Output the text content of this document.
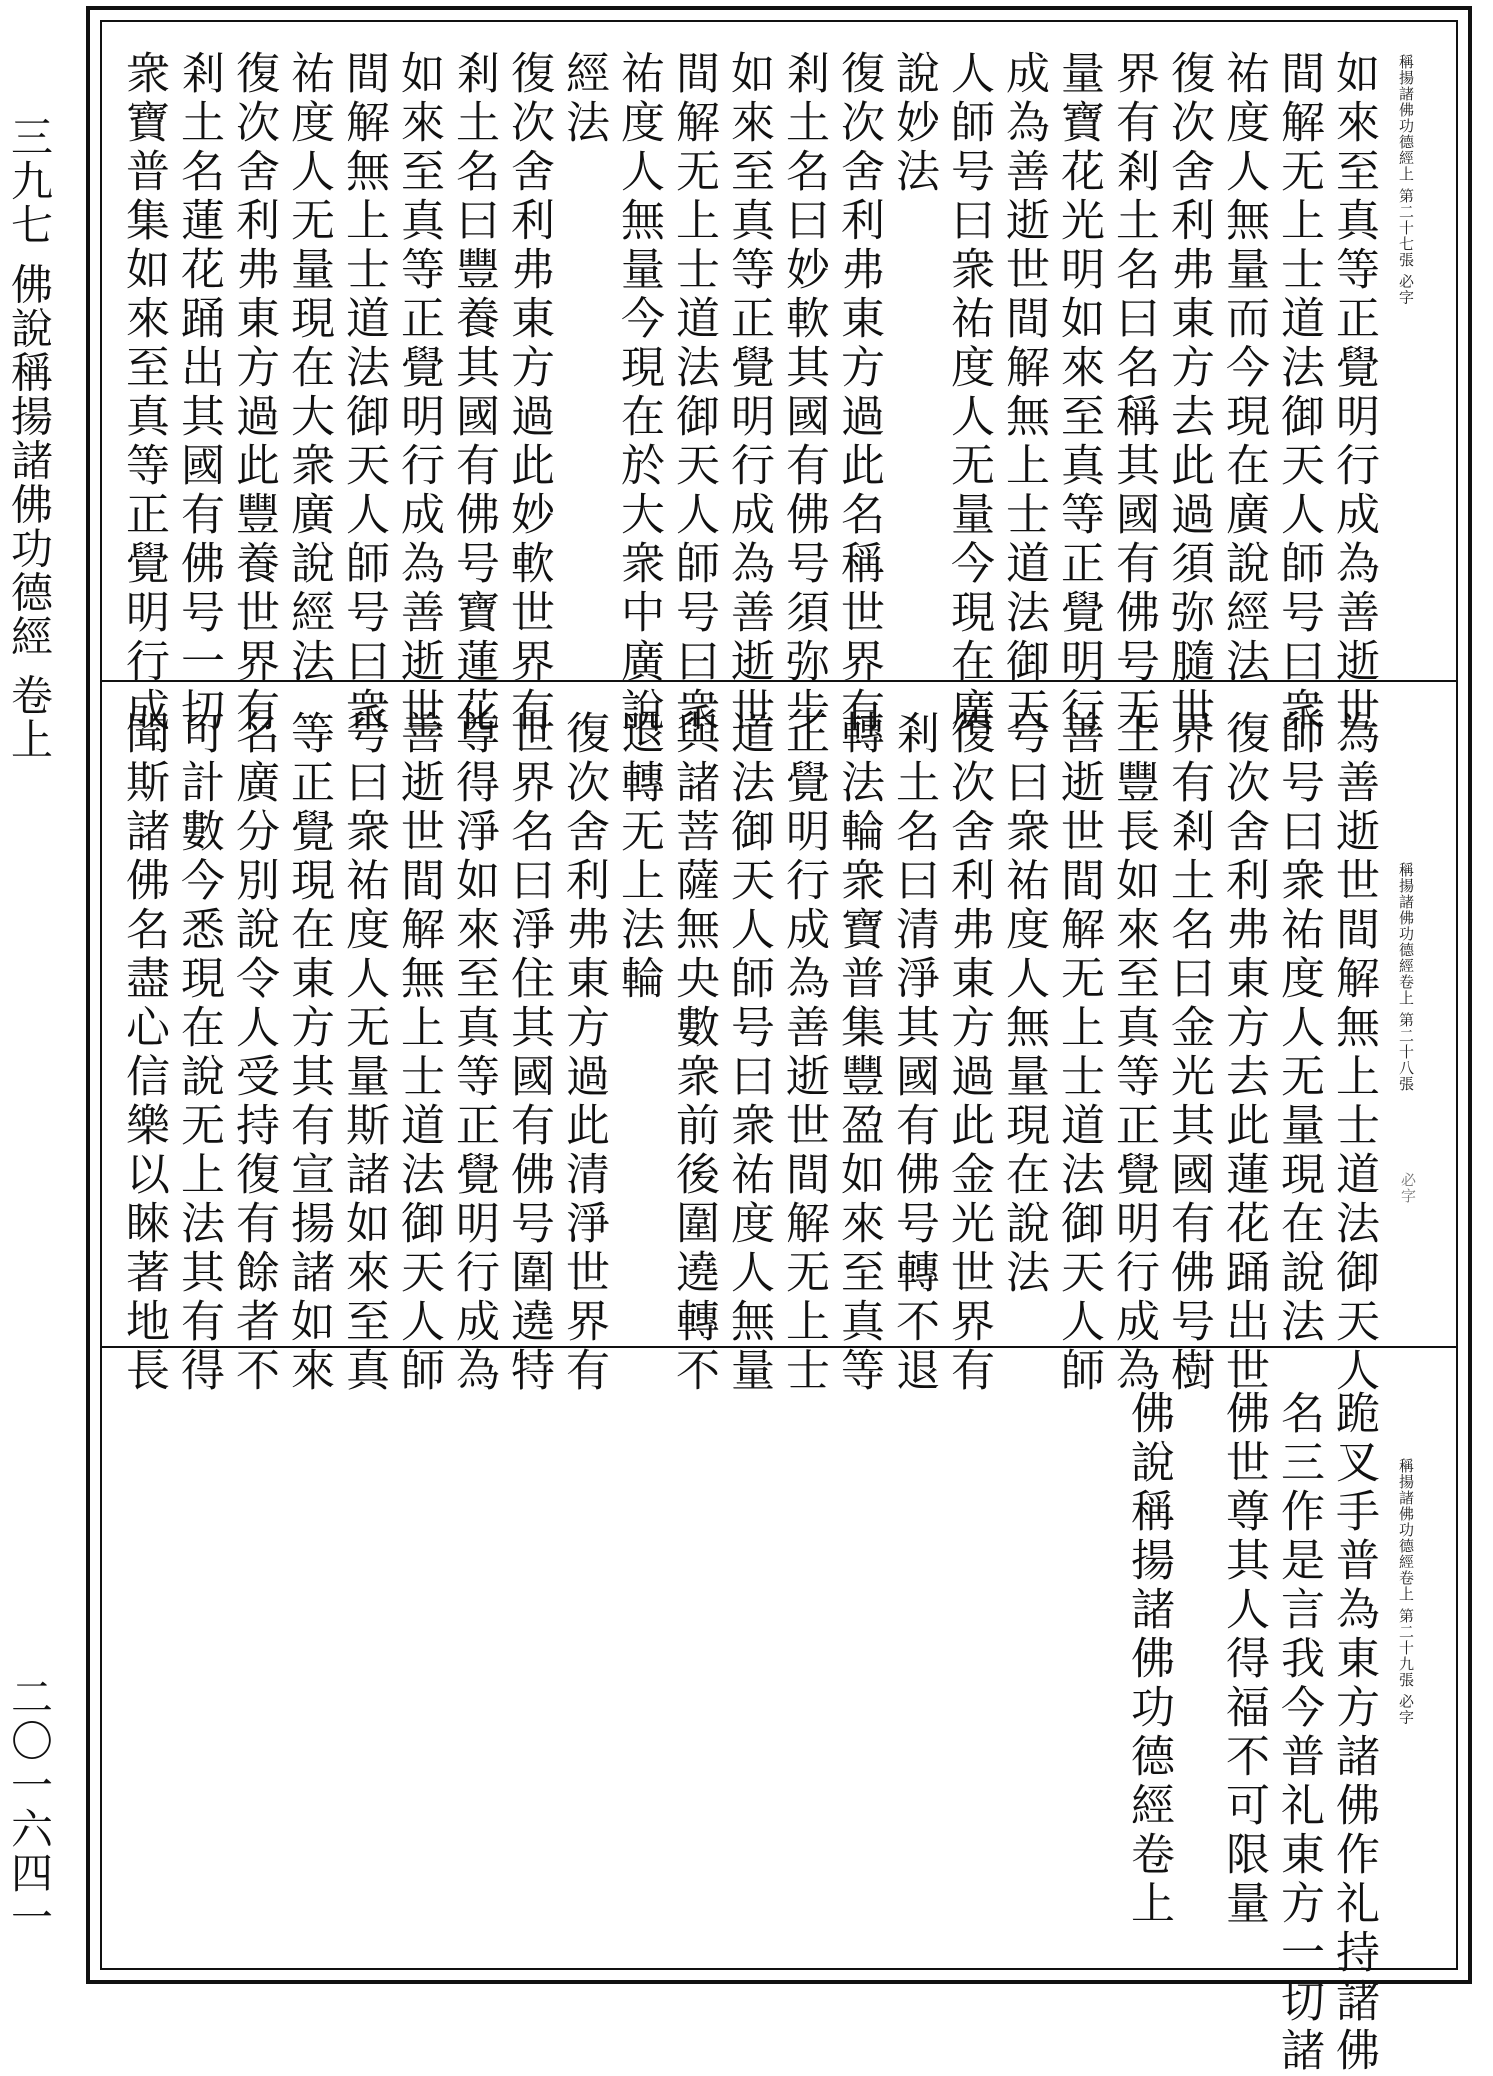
三九七 佛說稱揚諸佛功德經 卷上
二〇一六四一
稱揚諸佛功德經上 第二十七張 必字
如來至真等正覺明行成為善逝世
間解无上士道法御天人師号曰衆
祐度人無量而今現在廣說經法
復次舍利弗東方去此過須弥膸世
界有剎土名曰名稱其國有佛号无
量寶花光明如來至真等正覺明行
成為善逝世間解無上士道法御天
人師号曰衆祐度人无量今現在廣
說妙法
復次舍利弗東方過此名稱世界有
剎土名曰妙軟其國有佛号須弥步
如來至真等正覺明行成為善逝世
間解无上士道法御天人師号曰衆
祐度人無量今現在於大衆中廣說
經法
復次舍利弗東方過此妙軟世界有
剎土名曰豐養其國有佛号寶蓮花
如來至真等正覺明行成為善逝世
間解無上士道法御天人師号曰衆
祐度人无量現在大衆廣說經法
復次舍利弗東方過此豐養世界有
剎土名蓮花踊出其國有佛号一切
衆寶普集如來至真等正覺明行成
稱揚諸佛功德經卷上 第二十八張
必字
為善逝世間解無上士道法御天人
師号曰衆祐度人无量現在說法
復次舍利弗東方去此蓮花踊出世
界有剎土名曰金光其國有佛号樹
王豐長如來至真等正覺明行成為
善逝世間解无上士道法御天人師
号曰衆祐度人無量現在說法
復次舍利弗東方過此金光世界有
剎土名曰清淨其國有佛号轉不退
轉法輪衆寶普集豐盈如來至真等
正覺明行成為善逝世間解无上士
道法御天人師号曰衆祐度人無量
與諸菩薩無央數衆前後圍遶轉不
退轉无上法輪
復次舍利弗東方過此清淨世界有
世界名曰淨住其國有佛号圍遶特
尊得淨如來至真等正覺明行成為
善逝世間解無上士道法御天人師
号曰衆祐度人无量斯諸如來至真
等正覺現在東方其有宣揚諸如來
名廣分別說令人受持復有餘者不
可計數今悉現在說无上法其有得
聞斯諸佛名盡心信樂以睞著地長
稱揚諸佛功德經卷上 第二十九張 必字
跪叉手普為東方諸佛作礼持諸佛
名三作是言我今普礼東方一切諸
佛世尊其人得福不可限量
佛說稱揚諸佛功德經卷上
